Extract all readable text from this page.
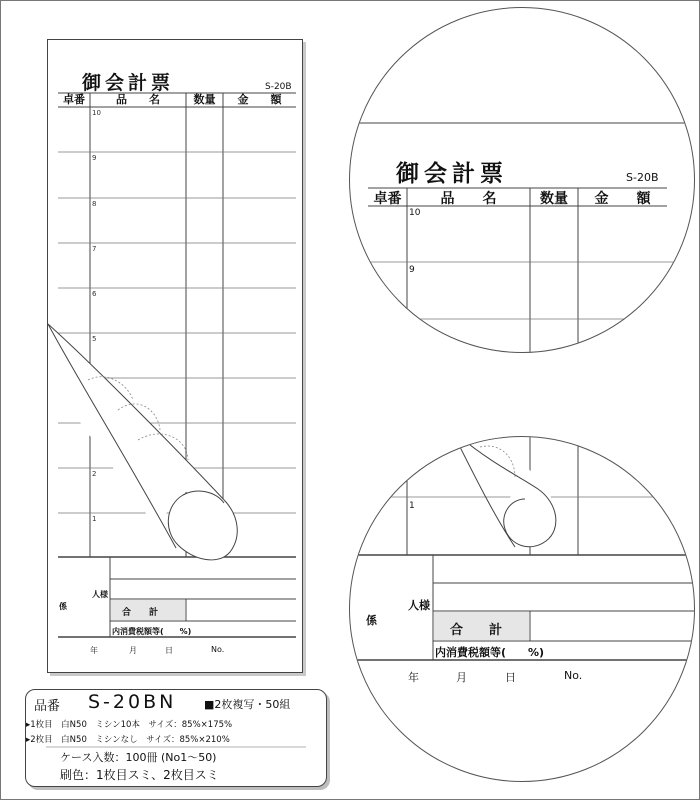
御会計票	S-20B
卓番	品　　名	数量	金　　額
10
9
8
7
6
5
2
1
人様
係
合　　計
内消費税額等(　　%)
年	月	日	No.
御会計票	S-20B
卓番	品　　名	数量	金　　額
10
9
8
1
人様
係
合　　計
内消費税額等(　　%)
年	月	日	No.
品番 S-20BN	■2枚複写・50組
▸1枚目　白N50　ミシン10本　サイズ：85%×175%
▸2枚目　白N50　ミシンなし　サイズ：85%×210%
ケース入数：100冊 (No1～50)
刷色：1枚目スミ、2枚目スミ
